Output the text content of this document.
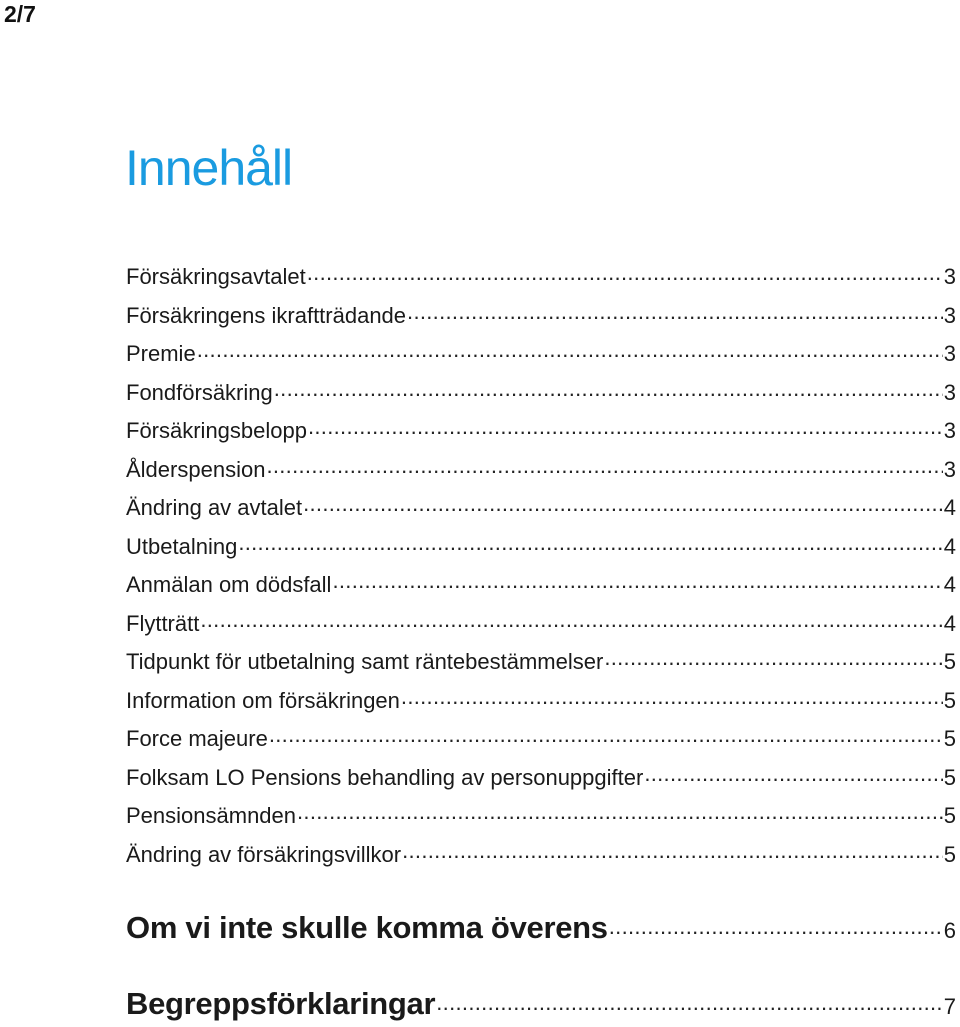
2/7
Innehåll
Försäkringsavtalet .....	3
Försäkringens ikraftträdande .....	3
Premie .....	3
Fondförsäkring .....	3
Försäkringsbelopp .....	3
Ålderspension .....	3
Ändring av avtalet .....	4
Utbetalning .....	4
Anmälan om dödsfall .....	4
Flytträtt .....	4
Tidpunkt för utbetalning samt räntebestämmelser .....	5
Information om försäkringen .....	5
Force majeure .....	5
Folksam LO Pensions behandling av personuppgifter .....	5
Pensionsämnden .....	5
Ändring av försäkringsvillkor .....	5
Om vi inte skulle komma överens .....	6
Begreppsförklaringar .....	7
